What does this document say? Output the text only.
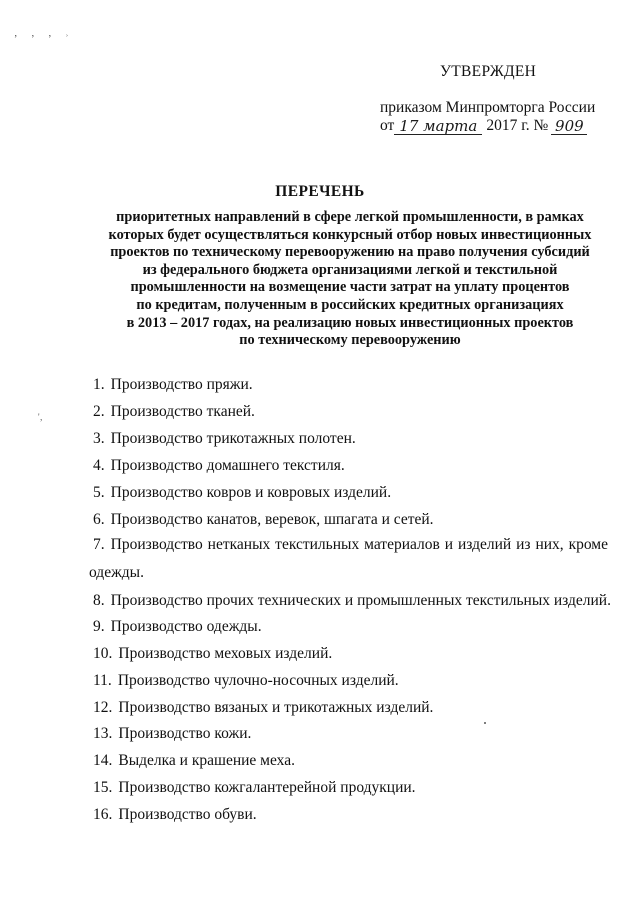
’ ’ ’ ʾ
'‚
УТВЕРЖДЕН
приказом Минпромторга России
от 17 марта 2017 г. № 909
ПЕРЕЧЕНЬ
приоритетных направлений в сфере легкой промышленности, в рамках
которых будет осуществляться конкурсный отбор новых инвестиционных
проектов по техническому перевооружению на право получения субсидий
из федерального бюджета организациями легкой и текстильной
промышленности на возмещение части затрат на уплату процентов
по кредитам, полученным в российских кредитных организациях
в 2013 – 2017 годах, на реализацию новых инвестиционных проектов
по техническому перевооружению
1. Производство пряжи.
2. Производство тканей.
3. Производство трикотажных полотен.
4. Производство домашнего текстиля.
5. Производство ковров и ковровых изделий.
6. Производство канатов, веревок, шпагата и сетей.
7. Производство нетканых текстильных материалов и изделий из них, кроме
одежды.
8. Производство прочих технических и промышленных текстильных изделий.
9. Производство одежды.
10. Производство меховых изделий.
11. Производство чулочно-носочных изделий.
12. Производство вязаных и трикотажных изделий.
13. Производство кожи.
14. Выделка и крашение меха.
15. Производство кожгалантерейной продукции.
16. Производство обуви.
